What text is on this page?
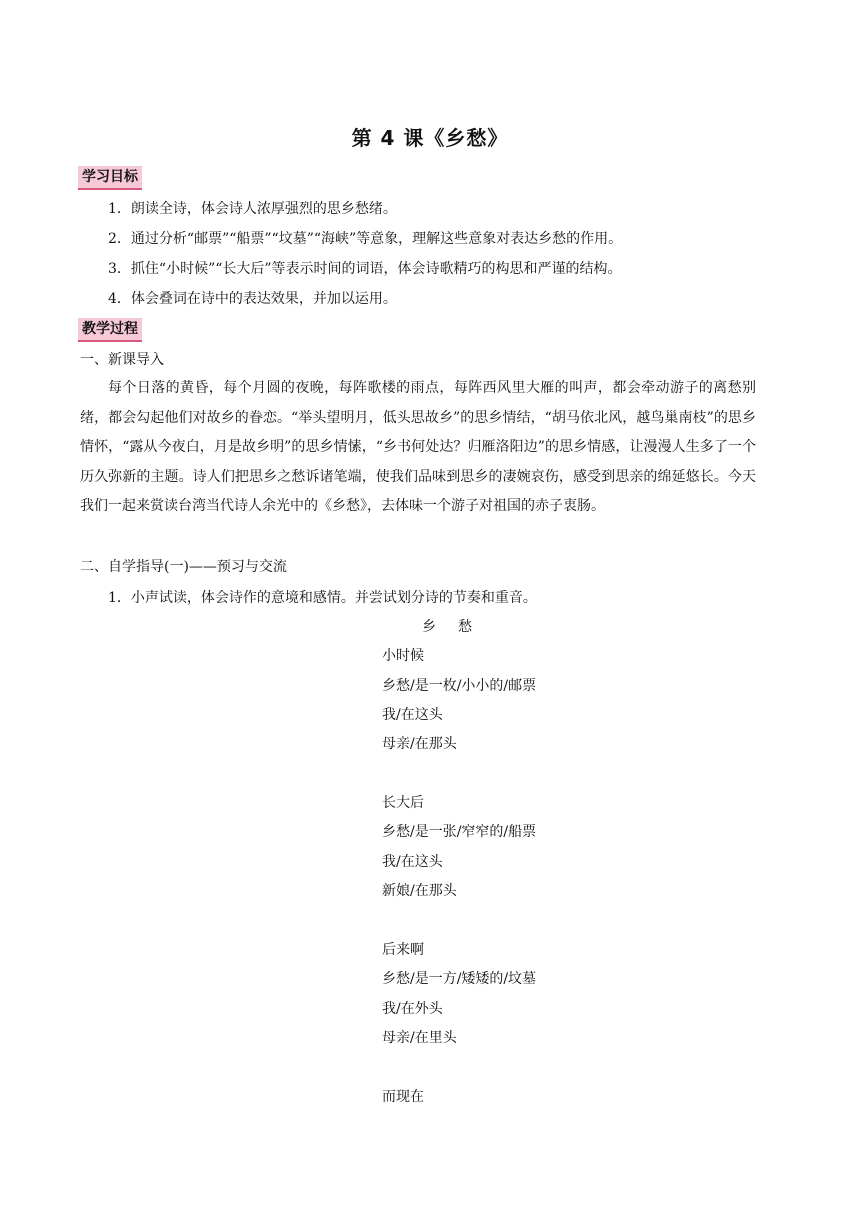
第 4 课《乡愁》
学习目标
1．朗读全诗，体会诗人浓厚强烈的思乡愁绪。
2．通过分析“邮票”“船票”“坟墓”“海峡”等意象，理解这些意象对表达乡愁的作用。
3．抓住“小时候”“长大后”等表示时间的词语，体会诗歌精巧的构思和严谨的结构。
4．体会叠词在诗中的表达效果，并加以运用。
教学过程
一、新课导入
每个日落的黄昏，每个月圆的夜晚，每阵歌楼的雨点，每阵西风里大雁的叫声，都会牵动游子的离愁别绪，都会勾起他们对故乡的眷恋。“举头望明月，低头思故乡”的思乡情结，“胡马依北风，越鸟巢南枝”的思乡情怀，“露从今夜白，月是故乡明”的思乡情愫，“乡书何处达？归雁洛阳边”的思乡情感，让漫漫人生多了一个历久弥新的主题。诗人们把思乡之愁诉诸笔端，使我们品味到思乡的凄婉哀伤，感受到思亲的绵延悠长。今天我们一起来赏读台湾当代诗人余光中的《乡愁》，去体味一个游子对祖国的赤子衷肠。
二、自学指导(一)——预习与交流
1．小声试读，体会诗作的意境和感情。并尝试划分诗的节奏和重音。
乡　愁
小时候
乡愁/是一枚/小小的/邮票
我/在这头
母亲/在那头
长大后
乡愁/是一张/窄窄的/船票
我/在这头
新娘/在那头
后来啊
乡愁/是一方/矮矮的/坟墓
我/在外头
母亲/在里头
而现在
